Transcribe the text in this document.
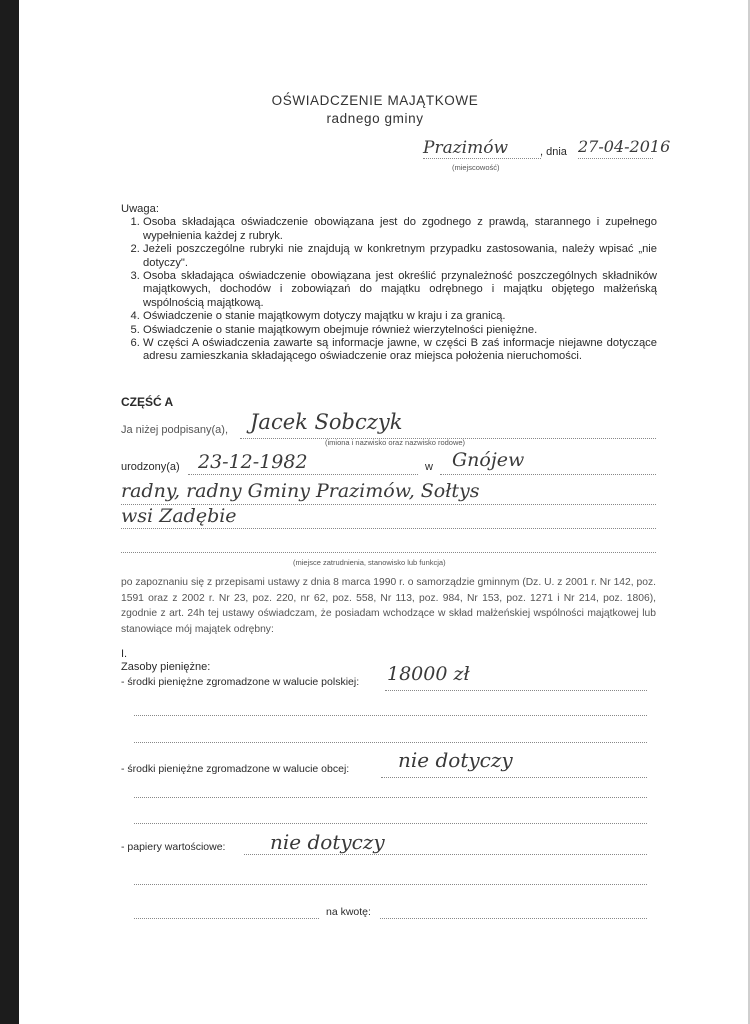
OŚWIADCZENIE MAJĄTKOWE
radnego gminy
Prazimów	, dnia 27-04-2016
(miejscowość)
Uwaga:
1. Osoba składająca oświadczenie obowiązana jest do zgodnego z prawdą, starannego i zupełnego wypełnienia każdej z rubryk.
2. Jeżeli poszczególne rubryki nie znajdują w konkretnym przypadku zastosowania, należy wpisać „nie dotyczy".
3. Osoba składająca oświadczenie obowiązana jest określić przynależność poszczególnych składników majątkowych, dochodów i zobowiązań do majątku odrębnego i majątku objętego małżeńską wspólnością majątkową.
4. Oświadczenie o stanie majątkowym dotyczy majątku w kraju i za granicą.
5. Oświadczenie o stanie majątkowym obejmuje również wierzytelności pieniężne.
6. W części A oświadczenia zawarte są informacje jawne, w części B zaś informacje niejawne dotyczące adresu zamieszkania składającego oświadczenie oraz miejsca położenia nieruchomości.
CZĘŚĆ A
Ja niżej podpisany(a), Jacek Sobczyk
(imiona i nazwisko oraz nazwisko rodowe)
urodzony(a) 23-12-1982	w Gnójew
radny, radny Gminy Prazimów, Sołtys
wsi Zadębie
(miejsce zatrudnienia, stanowisko lub funkcja)
po zapoznaniu się z przepisami ustawy z dnia 8 marca 1990 r. o samorządzie gminnym (Dz. U. z 2001 r. Nr 142, poz. 1591 oraz z 2002 r. Nr 23, poz. 220, nr 62, poz. 558, Nr 113, poz. 984, Nr 153, poz. 1271 i Nr 214, poz. 1806), zgodnie z art. 24h tej ustawy oświadczam, że posiadam wchodzące w skład małżeńskiej wspólności majątkowej lub stanowiące mój majątek odrębny:
I.
Zasoby pieniężne:
- środki pieniężne zgromadzone w walucie polskiej: 18000 zł
- środki pieniężne zgromadzone w walucie obcej: nie dotyczy
- papiery wartościowe: nie dotyczy
na kwotę:
